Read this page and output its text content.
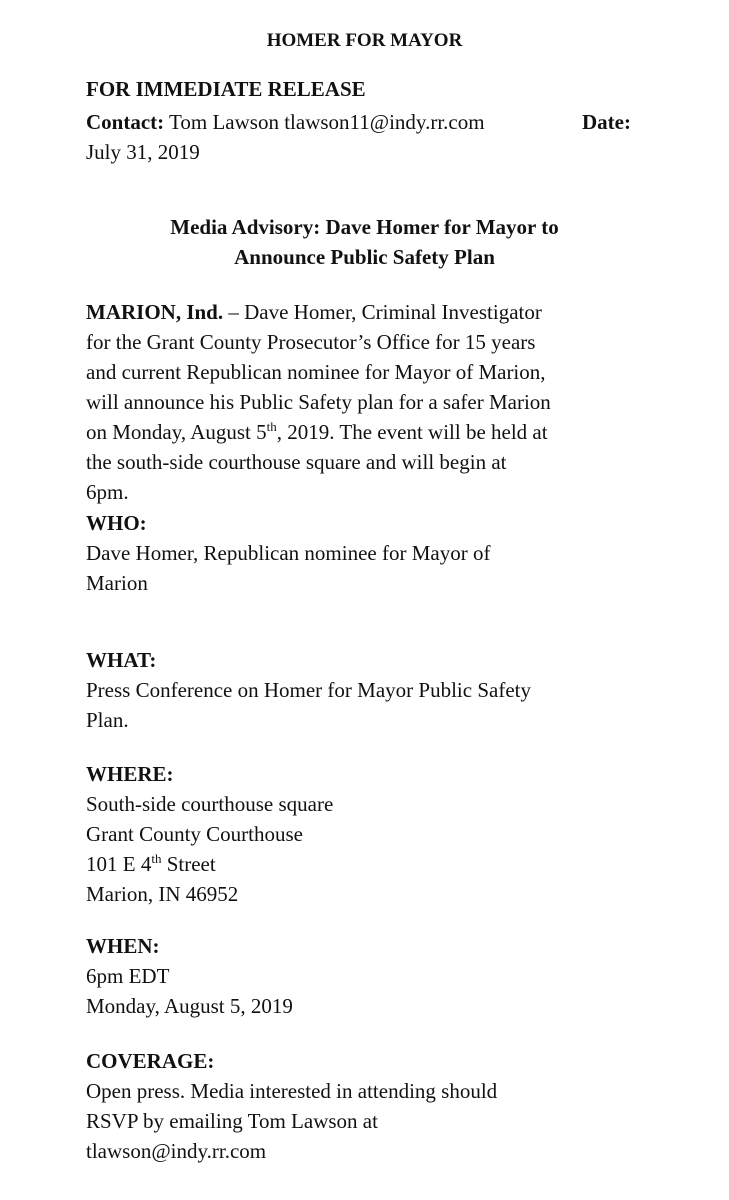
HOMER FOR MAYOR
FOR IMMEDIATE RELEASE
Contact: Tom Lawson tlawson11@indy.rr.com	Date:
July 31, 2019
Media Advisory: Dave Homer for Mayor to
Announce Public Safety Plan
MARION, Ind. – Dave Homer, Criminal Investigator
for the Grant County Prosecutor’s Office for 15 years
and current Republican nominee for Mayor of Marion,
will announce his Public Safety plan for a safer Marion
on Monday, August 5th, 2019. The event will be held at
the south-side courthouse square and will begin at
6pm.
WHO:
Dave Homer, Republican nominee for Mayor of
Marion
WHAT:
Press Conference on Homer for Mayor Public Safety
Plan.
WHERE:
South-side courthouse square
Grant County Courthouse
101 E 4th Street
Marion, IN 46952
WHEN:
6pm EDT
Monday, August 5, 2019
COVERAGE:
Open press. Media interested in attending should
RSVP by emailing Tom Lawson at
tlawson@indy.rr.com
